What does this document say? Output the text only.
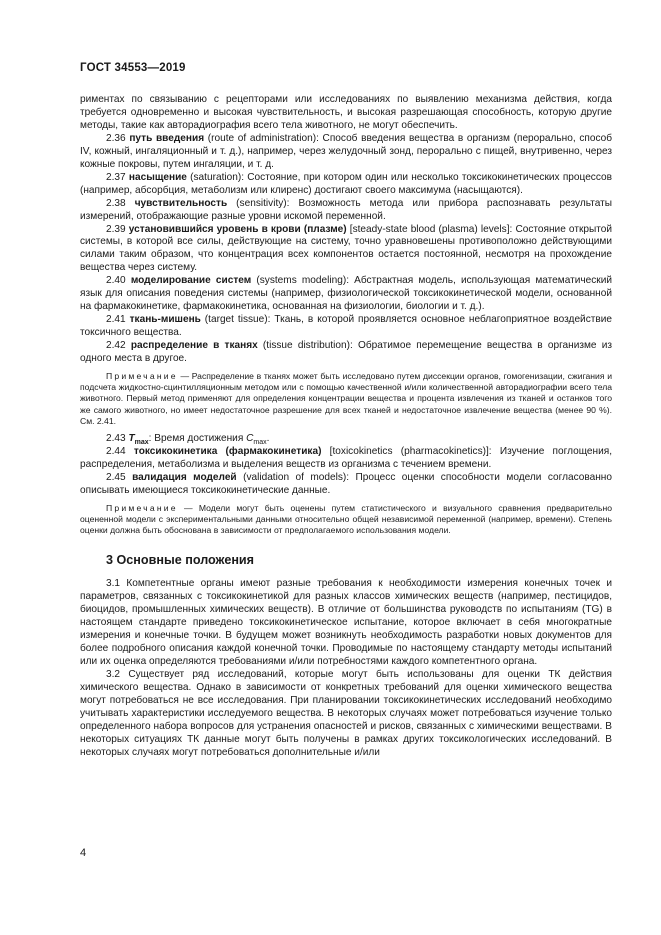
ГОСТ 34553—2019

риментах по связыванию с рецепторами или исследованиях по выявлению механизма действия, когда требуется одновременно и высокая чувствительность, и высокая разрешающая способность, которую другие методы, такие как авторадиография всего тела животного, не могут обеспечить.

2.36 путь введения (route of administration): Способ введения вещества в организм (перорально, способ IV, кожный, ингаляционный и т. д.), например, через желудочный зонд, перорально с пищей, внутривенно, через кожные покровы, путем ингаляции, и т. д.

2.37 насыщение (saturation): Состояние, при котором один или несколько токсикокинетических процессов (например, абсорбция, метаболизм или клиренс) достигают своего максимума (насыщаются).

2.38 чувствительность (sensitivity): Возможность метода или прибора распознавать результаты измерений, отображающие разные уровни искомой переменной.

2.39 установившийся уровень в крови (плазме) [steady-state blood (plasma) levels]: Состояние открытой системы, в которой все силы, действующие на систему, точно уравновешены противоположно действующими силами таким образом, что концентрация всех компонентов остается постоянной, несмотря на прохождение вещества через систему.

2.40 моделирование систем (systems modeling): Абстрактная модель, использующая математический язык для описания поведения системы (например, физиологической токсикокинетической модели, основанной на фармакокинетике, фармакокинетика, основанная на физиологии, биологии и т. д.).

2.41 ткань-мишень (target tissue): Ткань, в которой проявляется основное неблагоприятное воздействие токсичного вещества.

2.42 распределение в тканях (tissue distribution): Обратимое перемещение вещества в организме из одного места в другое.

Примечание — Распределение в тканях может быть исследовано путем диссекции органов, гомогенизации, сжигания и подсчета жидкостно-сцинтилляционным методом или с помощью качественной и/или количественной авторадиографии всего тела животного. Первый метод применяют для определения концентрации вещества и процента извлечения из тканей и останков того же самого животного, но имеет недостаточное разрешение для всех тканей и недостаточное извлечение вещества (менее 90 %). См. 2.41.

2.43 $T_{max}$: Время достижения $C_{max}$.

2.44 токсикокинетика (фармакокинетика) [toxicokinetics (pharmacokinetics)]: Изучение поглощения, распределения, метаболизма и выделения веществ из организма с течением времени.

2.45 валидация моделей (validation of models): Процесс оценки способности модели согласованно описывать имеющиеся токсикокинетические данные.

Примечание — Модели могут быть оценены путем статистического и визуального сравнения предварительно оцененной модели с экспериментальными данными относительно общей независимой переменной (например, времени). Степень оценки должна быть обоснована в зависимости от предполагаемого использования модели.

3 Основные положения

3.1 Компетентные органы имеют разные требования к необходимости измерения конечных точек и параметров, связанных с токсикокинетикой для разных классов химических веществ (например, пестицидов, биоцидов, промышленных химических веществ). В отличие от большинства руководств по испытаниям (TG) в настоящем стандарте приведено токсикокинетическое испытание, которое включает в себя многократные измерения и конечные точки. В будущем может возникнуть необходимость разработки новых документов для более подробного описания каждой конечной точки. Проводимые по настоящему стандарту методы испытаний или их оценка определяются требованиями и/или потребностями каждого компетентного органа.

3.2 Существует ряд исследований, которые могут быть использованы для оценки ТК действия химического вещества. Однако в зависимости от конкретных требований для оценки химического вещества могут потребоваться не все исследования. При планировании токсикокинетических исследований необходимо учитывать характеристики исследуемого вещества. В некоторых случаях может потребоваться изучение только определенного набора вопросов для устранения опасностей и рисков, связанных с химическими веществами. В некоторых ситуациях ТК данные могут быть получены в рамках других токсикологических исследований. В некоторых случаях могут потребоваться дополнительные и/или

4
